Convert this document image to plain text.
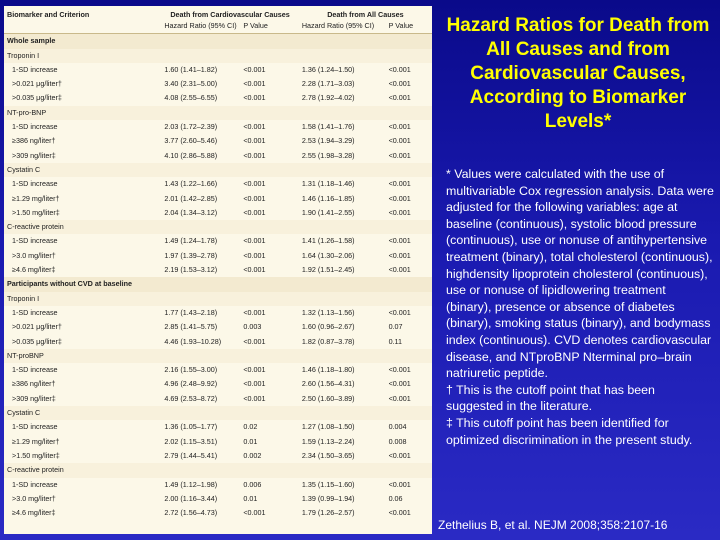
Biomarker and Criterion	Death from Cardiovascular Causes		Death from All Causes	
	Hazard Ratio (95% CI)	P Value	Hazard Ratio (95% CI)	P Value
Whole sample				
Troponin I				
1-SD increase	1.60 (1.41–1.82)	<0.001	1.36 (1.24–1.50)	<0.001
>0.021 μg/liter†	3.40 (2.31–5.00)	<0.001	2.28 (1.71–3.03)	<0.001
>0.035 μg/liter‡	4.08 (2.55–6.55)	<0.001	2.78 (1.92–4.02)	<0.001
NT-pro-BNP				
1-SD increase	2.03 (1.72–2.39)	<0.001	1.58 (1.41–1.76)	<0.001
≥386 ng/liter†	3.77 (2.60–5.46)	<0.001	2.53 (1.94–3.29)	<0.001
>309 ng/liter‡	4.10 (2.86–5.88)	<0.001	2.55 (1.98–3.28)	<0.001
Cystatin C				
1-SD increase	1.43 (1.22–1.66)	<0.001	1.31 (1.18–1.46)	<0.001
≥1.29 mg/liter†	2.01 (1.42–2.85)	<0.001	1.46 (1.16–1.85)	<0.001
>1.50 mg/liter‡	2.04 (1.34–3.12)	<0.001	1.90 (1.41–2.55)	<0.001
C-reactive protein				
1-SD increase	1.49 (1.24–1.78)	<0.001	1.41 (1.26–1.58)	<0.001
>3.0 mg/liter†	1.97 (1.39–2.78)	<0.001	1.64 (1.30–2.06)	<0.001
≥4.6 mg/liter‡	2.19 (1.53–3.12)	<0.001	1.92 (1.51–2.45)	<0.001
Participants without CVD at baseline				
Troponin I				
1-SD increase	1.77 (1.43–2.18)	<0.001	1.32 (1.13–1.56)	<0.001
>0.021 μg/liter†	2.85 (1.41–5.75)	0.003	1.60 (0.96–2.67)	0.07
>0.035 μg/liter‡	4.46 (1.93–10.28)	<0.001	1.82 (0.87–3.78)	0.11
NT-proBNP				
1-SD increase	2.16 (1.55–3.00)	<0.001	1.46 (1.18–1.80)	<0.001
≥386 ng/liter†	4.96 (2.48–9.92)	<0.001	2.60 (1.56–4.31)	<0.001
>309 ng/liter‡	4.69 (2.53–8.72)	<0.001	2.50 (1.60–3.89)	<0.001
Cystatin C				
1-SD increase	1.36 (1.05–1.77)	0.02	1.27 (1.08–1.50)	0.004
≥1.29 mg/liter†	2.02 (1.15–3.51)	0.01	1.59 (1.13–2.24)	0.008
>1.50 mg/liter‡	2.79 (1.44–5.41)	0.002	2.34 (1.50–3.65)	<0.001
C-reactive protein				
1-SD increase	1.49 (1.12–1.98)	0.006	1.35 (1.15–1.60)	<0.001
>3.0 mg/liter†	2.00 (1.16–3.44)	0.01	1.39 (0.99–1.94)	0.06
≥4.6 mg/liter‡	2.72 (1.56–4.73)	<0.001	1.79 (1.26–2.57)	<0.001
Hazard Ratios for Death from All Causes and from Cardiovascular Causes, According to Biomarker Levels*

* Values were calculated with the use of multivariable Cox regression analysis. Data were adjusted for the following variables: age at baseline (continuous), systolic blood pressure (continuous), use or nonuse of antihypertensive treatment (binary), total cholesterol (continuous), highdensity lipoprotein cholesterol (continuous), use or nonuse of lipidlowering treatment (binary), presence or absence of diabetes (binary), smoking status (binary), and bodymass index (continuous). CVD denotes cardiovascular disease, and NTproBNP Nterminal pro–brain natriuretic peptide.

† This is the cutoff point that has been suggested in the literature.

‡ This cutoff point has been identified for optimized discrimination in the present study.

Zethelius B, et al. NEJM 2008;358:2107-16
